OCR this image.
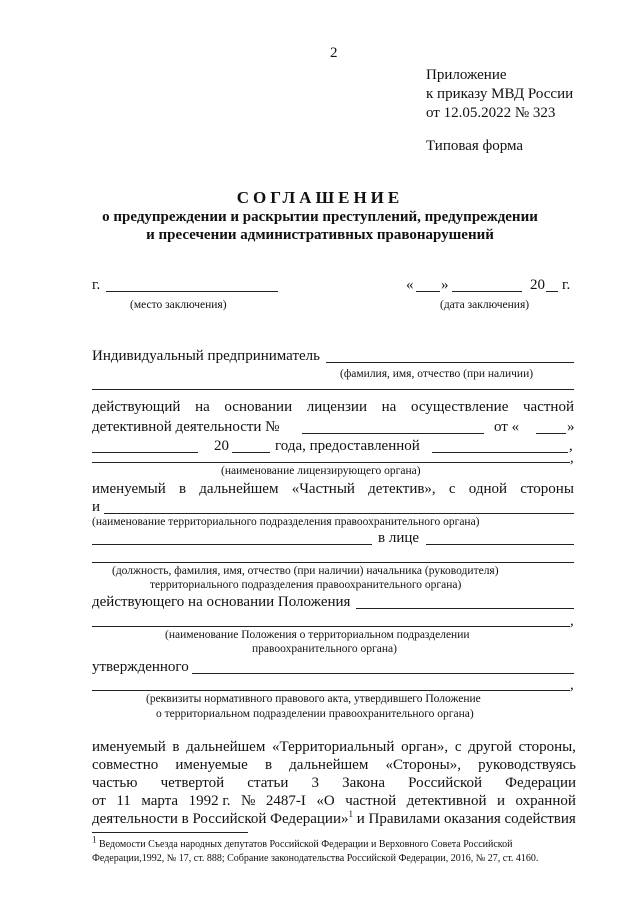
2
Приложение
к приказу МВД России
от 12.05.2022 № 323
Типовая форма
СОГЛАШЕНИЕ
о предупреждении и раскрытии преступлений, предупреждении
и пресечении административных правонарушений
г.
(место заключения)
« »	20 г.
(дата заключения)
Индивидуальный предприниматель
(фамилия, имя, отчество (при наличии)
действующий на основании лицензии на осуществление частной
детективной деятельности №	от «	»
20	года, предоставленной	,
,
(наименование лицензирующего органа)
именуемый в дальнейшем «Частный детектив», с одной стороны
и
(наименование территориального подразделения правоохранительного органа)
в лице
(должность, фамилия, имя, отчество (при наличии) начальника (руководителя)
территориального подразделения правоохранительного органа)
действующего на основании Положения
,
(наименование Положения о территориальном подразделении
правоохранительного органа)
утвержденного
,
(реквизиты нормативного правового акта, утвердившего Положение
о территориальном подразделении правоохранительного органа)
именуемый в дальнейшем «Территориальный орган», с другой стороны,
совместно именуемые в дальнейшем «Стороны», руководствуясь
частью четвертой статьи 3 Закона Российской Федерации
от 11 марта 1992 г. № 2487-I «О частной детективной и охранной
деятельности в Российской Федерации»$^1$ и Правилами оказания содействия
$^1$ Ведомости Съезда народных депутатов Российской Федерации и Верховного Совета Российской
Федерации,1992, № 17, ст. 888; Собрание законодательства Российской Федерации, 2016, № 27, ст. 4160.
